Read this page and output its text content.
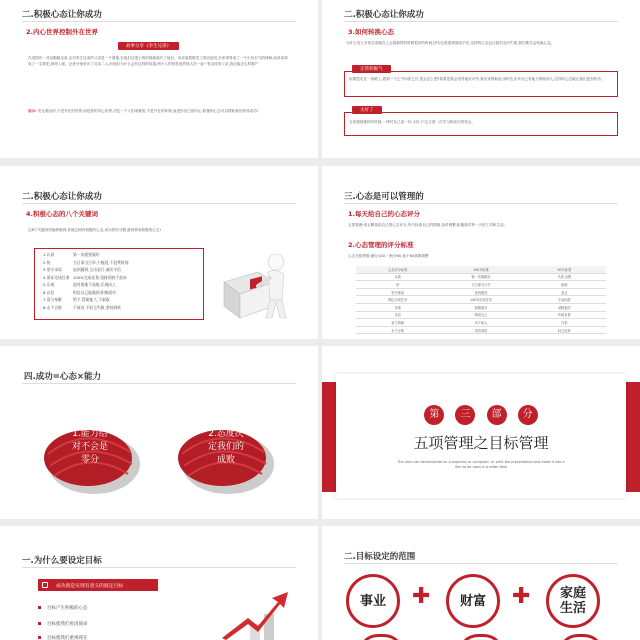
二.积极心态让你成功
2.内心世界控制外在世界
故事分享《李生兄弟》
在美国有一对双胞胎兄弟,这对李生兄弟的父亲是一个酒鬼,在他们还很小的时候就离开了他们。母亲靠着做零工养活他们,后来哥哥成了一个小有名气的律师,而弟弟却成了一名罪犯,被判入狱。记者分别采访了兄弟二人,问他们为什么会有这样的结果,两个人的回答竟然惊人的一致:“有这样的父亲,我还能怎么样呢?”
启示: 决定命运的,不是外在的世界,而是你的内心世界,决定一个人的成就的,不是外在的环境,而是你自己的内心,积极的心态可以帮助我们获得成功!
二.积极心态让你成功
3.如何转换心态
为什么有么多其实成就在人会看那样的时候很好的时间,因为总是看到原因不好,这样的心态会让我们走向失败,我们要学会转换心态。
正常积极气
如果您走在一条路上,看到一个乞丐向你乞讨,您会怎么想?如果是我会觉得他好可怜,我应该帮助他,同时也庆幸自己有能力帮助别人,这样的心态能让我们更加快乐。
太好了
当你遇到挫折的时候,一律对自己说一句:太好了!这又是一次学习和成长的机会。
二.积极心态让你成功
4.积极心态的八个关键词
这8个关键词你能够做到,你就会拥有积极的心态,成为你的习惯,最终养成积极的心态!
1.认真	第一次就要做好
2.快	当日事当日毕,不拖延,不浪费时间
3.坚守承诺	说到做到,言出必行,诚实守信
4.保证完成任务 100%完成任务,坚持到底不放弃
5.乐观	面对困难不退缩,乐观向上
6.自信	相信自己能做到,积极面对
7.爱与奉献	给予,帮助他人,不索取
8.永不言败	不放弃,不轻言失败,坚持到底
三.心态是可以管理的
1.每天给自己的心态评分
五星管理:用五颗星给自己的心态评分,每天检查自己的情绪,及时调整,积极面对每一天的工作和生活。
2.心态管理的评分标准
心态分数等级:满分100,一般分60,低于60需要调整
心态评分标准	100分标准	50分标准
认真	第一次就做好	马虎,出错
快	当日事当日毕	拖延
坚守承诺	说到做到	食言
保证完成任务	100%完成任务	半途而废
乐观	积极面对	消极抱怨
自信	相信自己	怀疑自我
爱与奉献	乐于助人	自私
永不言败	坚持到底	轻言放弃
四.成功=心态×能力
1.能力给
对不会是
零分
2.态度决
定我们的
成败
第 三 部 分
五项管理之目标管理
The user can demonstrate on a projector or computer, or print the presentation and make it into a film to be used in a wider field
一.为什么要设定目标
成功就是实现有意义的既定目标
目标产生积极的心态
目标使我们看清使命
目标使我们重视现在
二.目标设定的范围
事业	✚	财富	✚	家庭
生活
